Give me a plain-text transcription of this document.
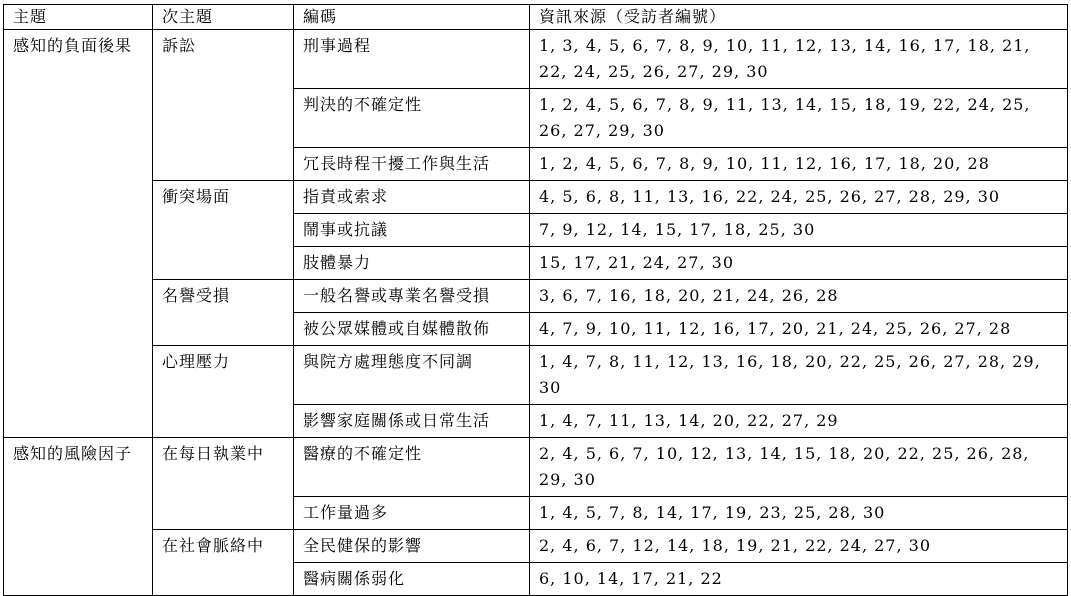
主題	次主題	編碼	資訊來源（受訪者編號）
感知的負面後果	訴訟	刑事過程	1, 3, 4, 5, 6, 7, 8, 9, 10, 11, 12, 13, 14, 16, 17, 18, 21, 22, 24, 25, 26, 27, 29, 30
		判決的不確定性	1, 2, 4, 5, 6, 7, 8, 9, 11, 13, 14, 15, 18, 19, 22, 24, 25, 26, 27, 29, 30
		冗長時程干擾工作與生活	1, 2, 4, 5, 6, 7, 8, 9, 10, 11, 12, 16, 17, 18, 20, 28
	衝突場面	指責或索求	4, 5, 6, 8, 11, 13, 16, 22, 24, 25, 26, 27, 28, 29, 30
		鬧事或抗議	7, 9, 12, 14, 15, 17, 18, 25, 30
		肢體暴力	15, 17, 21, 24, 27, 30
	名譽受損	一般名譽或專業名譽受損	3, 6, 7, 16, 18, 20, 21, 24, 26, 28
		被公眾媒體或自媒體散佈	4, 7, 9, 10, 11, 12, 16, 17, 20, 21, 24, 25, 26, 27, 28
	心理壓力	與院方處理態度不同調	1, 4, 7, 8, 11, 12, 13, 16, 18, 20, 22, 25, 26, 27, 28, 29, 30
		影響家庭關係或日常生活	1, 4, 7, 11, 13, 14, 20, 22, 27, 29
感知的風險因子	在每日執業中	醫療的不確定性	2, 4, 5, 6, 7, 10, 12, 13, 14, 15, 18, 20, 22, 25, 26, 28, 29, 30
		工作量過多	1, 4, 5, 7, 8, 14, 17, 19, 23, 25, 28, 30
	在社會脈絡中	全民健保的影響	2, 4, 6, 7, 12, 14, 18, 19, 21, 22, 24, 27, 30
		醫病關係弱化	6, 10, 14, 17, 21, 22
